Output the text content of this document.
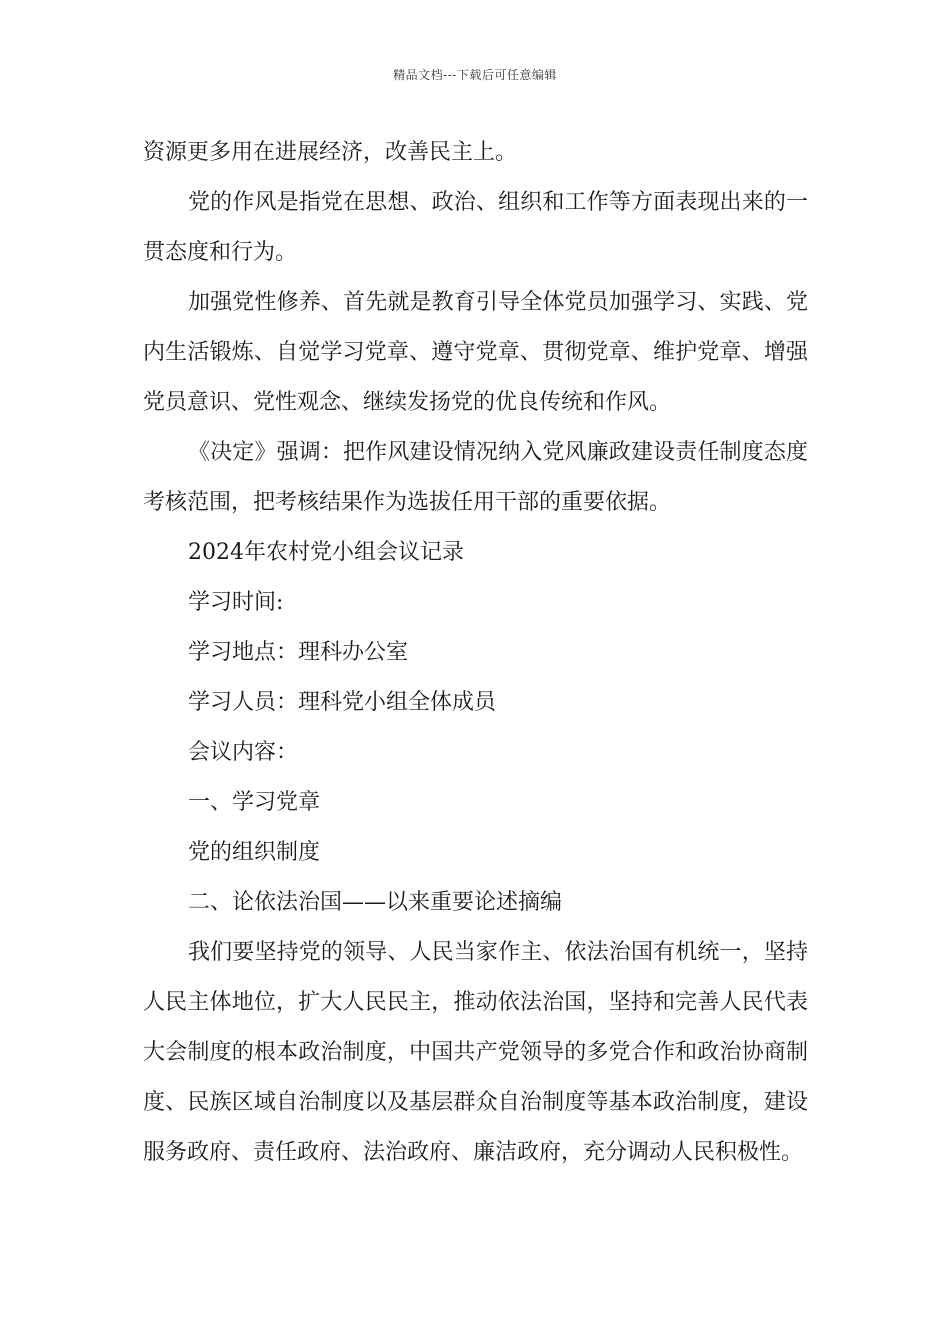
精品文档---下载后可任意编辑

资源更多用在进展经济，改善民主上。

党的作风是指党在思想、政治、组织和工作等方面表现出来的一贯态度和行为。

加强党性修养、首先就是教育引导全体党员加强学习、实践、党内生活锻炼、自觉学习党章、遵守党章、贯彻党章、维护党章、增强党员意识、党性观念、继续发扬党的优良传统和作风。

《决定》强调：把作风建设情况纳入党风廉政建设责任制度态度考核范围，把考核结果作为选拔任用干部的重要依据。

2024年农村党小组会议记录

学习时间:

学习地点：理科办公室

学习人员：理科党小组全体成员

会议内容：

一、学习党章

党的组织制度

二、论依法治国——以来重要论述摘编

我们要坚持党的领导、人民当家作主、依法治国有机统一，坚持人民主体地位，扩大人民民主，推动依法治国，坚持和完善人民代表大会制度的根本政治制度，中国共产党领导的多党合作和政治协商制度、民族区域自治制度以及基层群众自治制度等基本政治制度，建设服务政府、责任政府、法治政府、廉洁政府，充分调动人民积极性。
